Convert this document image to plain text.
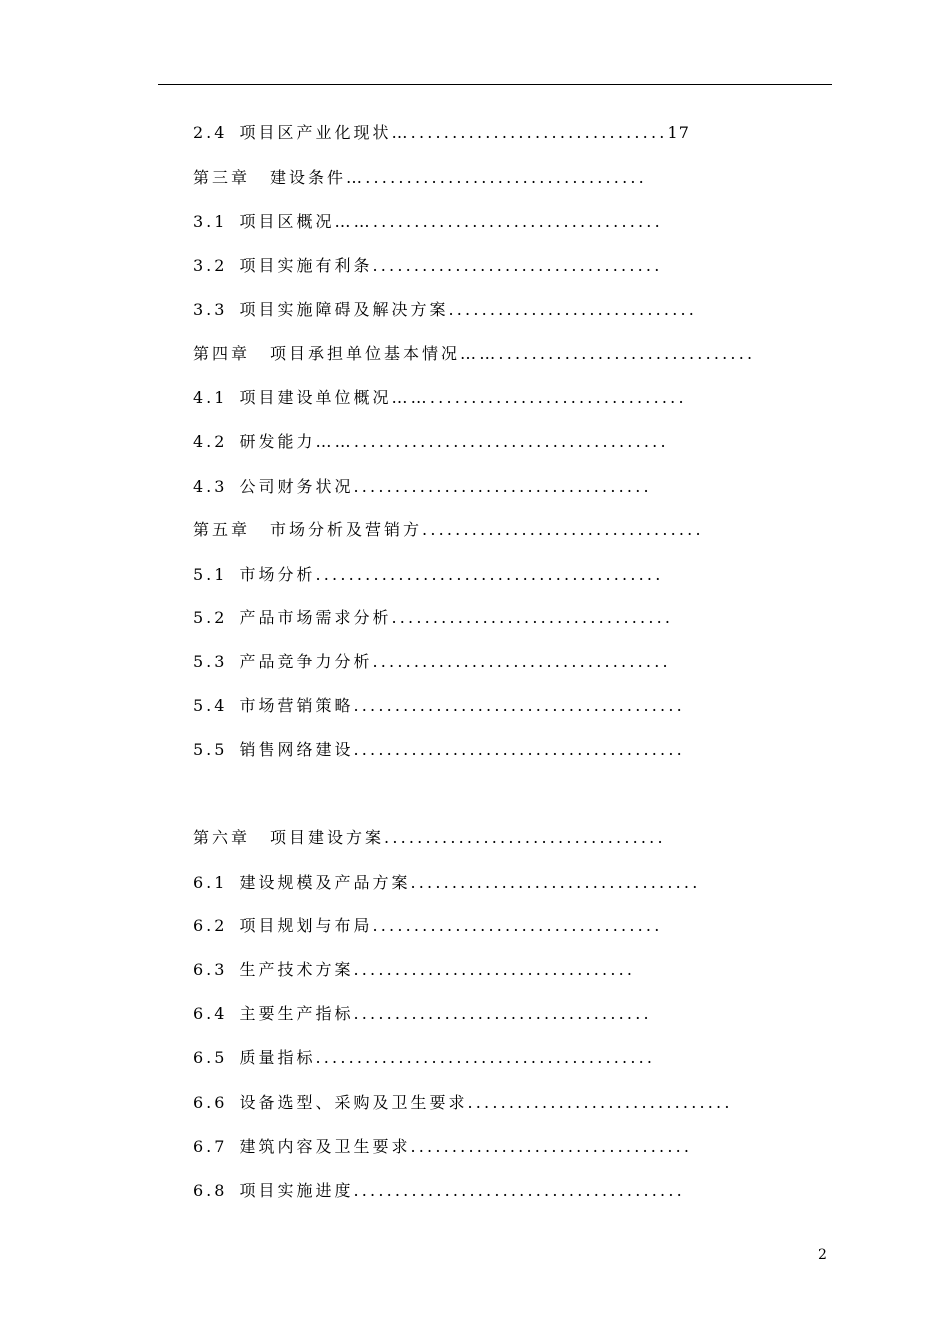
2.4 项目区产业化现状…...............................17
第三章 建设条件…..................................
3.1 项目区概况……...................................
3.2 项目实施有利条...................................
3.3 项目实施障碍及解决方案..............................
第四章 项目承担单位基本情况……...............................
4.1 项目建设单位概况……...............................
4.2 研发能力……......................................
4.3 公司财务状况....................................
第五章 市场分析及营销方..................................
5.1 市场分析..........................................
5.2 产品市场需求分析..................................
5.3 产品竞争力分析....................................
5.4 市场营销策略........................................
5.5 销售网络建设........................................
第六章 项目建设方案..................................
6.1 建设规模及产品方案...................................
6.2 项目规划与布局...................................
6.3 生产技术方案..................................
6.4 主要生产指标....................................
6.5 质量指标.........................................
6.6 设备选型、采购及卫生要求................................
6.7 建筑内容及卫生要求..................................
6.8 项目实施进度........................................
2
